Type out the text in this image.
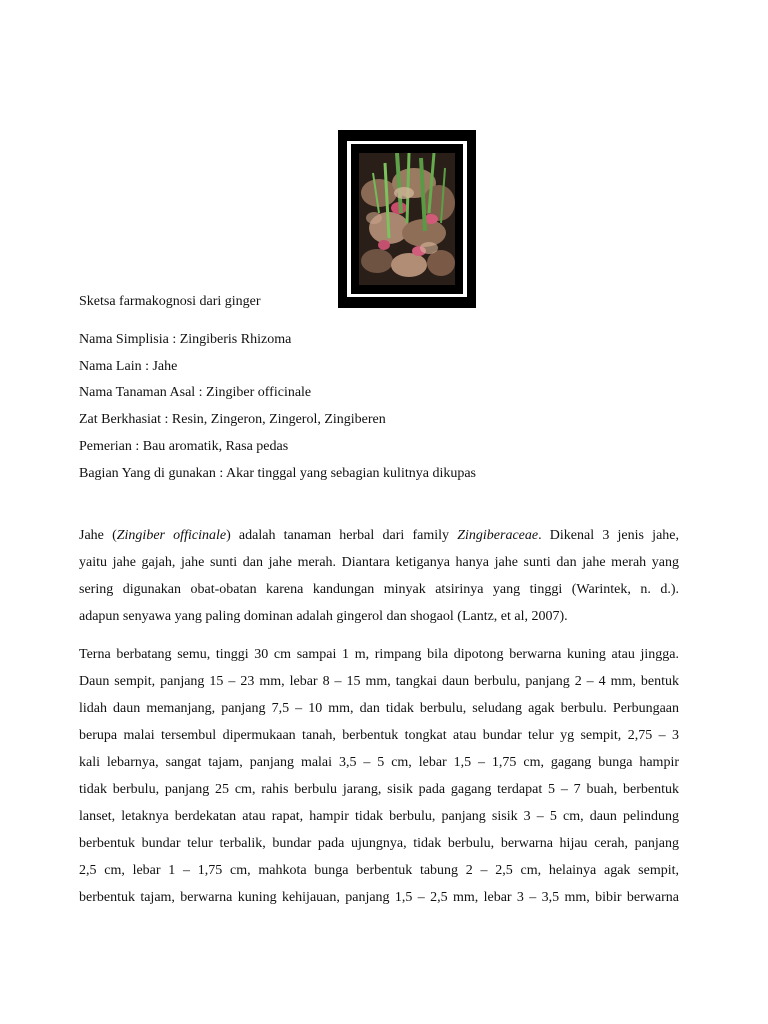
Sketsa farmakognosi dari ginger
Nama Simplisia : Zingiberis Rhizoma
Nama Lain : Jahe
Nama Tanaman Asal : Zingiber officinale
Zat Berkhasiat : Resin, Zingeron, Zingerol, Zingiberen
Pemerian : Bau aromatik, Rasa pedas
Bagian Yang di gunakan : Akar tinggal yang sebagian kulitnya dikupas
Jahe (Zingiber officinale) adalah tanaman herbal dari family Zingiberaceae. Dikenal 3 jenis jahe,
yaitu jahe gajah, jahe sunti dan jahe merah. Diantara ketiganya hanya jahe sunti dan jahe merah yang
sering digunakan obat-obatan karena kandungan minyak atsirinya yang tinggi (Warintek, n. d.).
adapun senyawa yang paling dominan adalah gingerol dan shogaol (Lantz, et al, 2007).
Terna berbatang semu, tinggi 30 cm sampai 1 m, rimpang bila dipotong berwarna kuning atau jingga.
Daun sempit, panjang 15 – 23 mm, lebar 8 – 15 mm, tangkai daun berbulu, panjang 2 – 4 mm, bentuk
lidah daun memanjang, panjang 7,5 – 10 mm, dan tidak berbulu, seludang agak berbulu. Perbungaan
berupa malai tersembul dipermukaan tanah, berbentuk tongkat atau bundar telur yg sempit, 2,75 – 3
kali lebarnya, sangat tajam, panjang malai 3,5 – 5 cm, lebar 1,5 – 1,75 cm, gagang bunga hampir
tidak berbulu, panjang 25 cm, rahis berbulu jarang, sisik pada gagang terdapat 5 – 7 buah, berbentuk
lanset, letaknya berdekatan atau rapat, hampir tidak berbulu, panjang sisik 3 – 5 cm, daun pelindung
berbentuk bundar telur terbalik, bundar pada ujungnya, tidak berbulu, berwarna hijau cerah, panjang
2,5 cm, lebar 1 – 1,75 cm, mahkota bunga berbentuk tabung 2 – 2,5 cm, helainya agak sempit,
berbentuk tajam, berwarna kuning kehijauan, panjang 1,5 – 2,5 mm, lebar 3 – 3,5 mm, bibir berwarna
